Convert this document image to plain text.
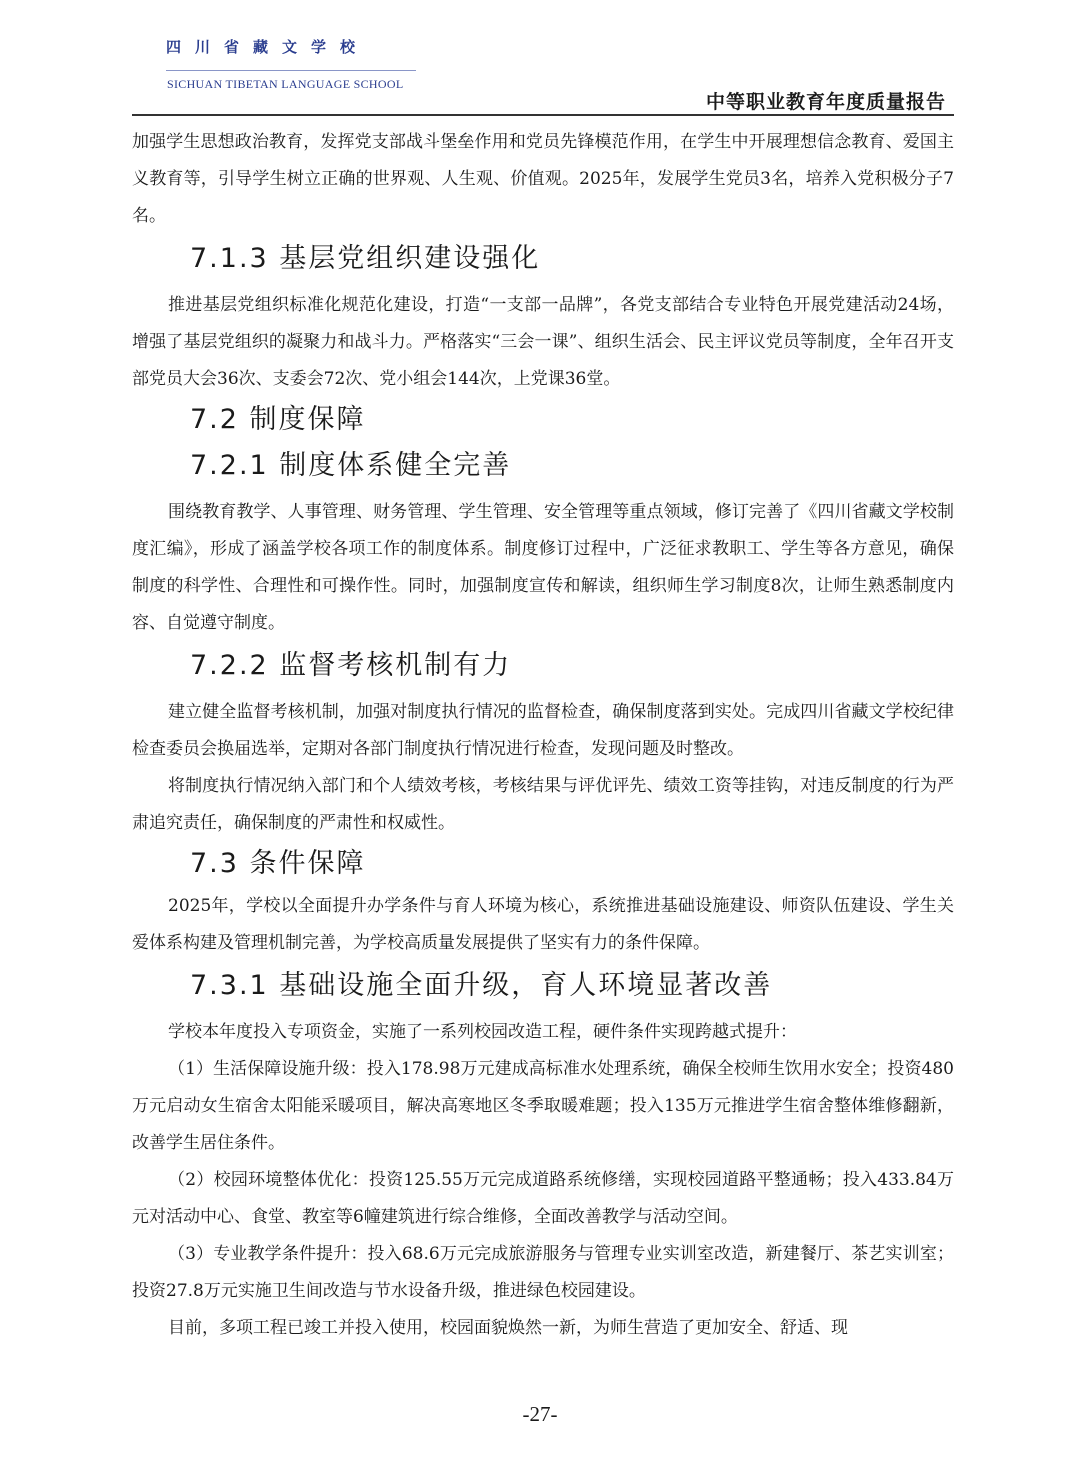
四川省藏文学校
SICHUAN TIBETAN LANGUAGE SCHOOL
中等职业教育年度质量报告

加强学生思想政治教育，发挥党支部战斗堡垒作用和党员先锋模范作用，在学生中开展理想信念教育、爱国主义教育等，引导学生树立正确的世界观、人生观、价值观。2025年，发展学生党员3名，培养入党积极分子7名。

7.1.3 基层党组织建设强化

推进基层党组织标准化规范化建设，打造“一支部一品牌”，各党支部结合专业特色开展党建活动24场，增强了基层党组织的凝聚力和战斗力。严格落实“三会一课”、组织生活会、民主评议党员等制度，全年召开支部党员大会36次、支委会72次、党小组会144次，上党课36堂。

7.2 制度保障
7.2.1 制度体系健全完善

围绕教育教学、人事管理、财务管理、学生管理、安全管理等重点领域，修订完善了《四川省藏文学校制度汇编》，形成了涵盖学校各项工作的制度体系。制度修订过程中，广泛征求教职工、学生等各方意见，确保制度的科学性、合理性和可操作性。同时，加强制度宣传和解读，组织师生学习制度8次，让师生熟悉制度内容、自觉遵守制度。

7.2.2 监督考核机制有力

建立健全监督考核机制，加强对制度执行情况的监督检查，确保制度落到实处。完成四川省藏文学校纪律检查委员会换届选举，定期对各部门制度执行情况进行检查，发现问题及时整改。

将制度执行情况纳入部门和个人绩效考核，考核结果与评优评先、绩效工资等挂钩，对违反制度的行为严肃追究责任，确保制度的严肃性和权威性。

7.3 条件保障

2025年，学校以全面提升办学条件与育人环境为核心，系统推进基础设施建设、师资队伍建设、学生关爱体系构建及管理机制完善，为学校高质量发展提供了坚实有力的条件保障。

7.3.1 基础设施全面升级，育人环境显著改善

学校本年度投入专项资金，实施了一系列校园改造工程，硬件条件实现跨越式提升：

（1）生活保障设施升级：投入178.98万元建成高标准水处理系统，确保全校师生饮用水安全；投资480万元启动女生宿舍太阳能采暖项目，解决高寒地区冬季取暖难题；投入135万元推进学生宿舍整体维修翻新，改善学生居住条件。

（2）校园环境整体优化：投资125.55万元完成道路系统修缮，实现校园道路平整通畅；投入433.84万元对活动中心、食堂、教室等6幢建筑进行综合维修，全面改善教学与活动空间。

（3）专业教学条件提升：投入68.6万元完成旅游服务与管理专业实训室改造，新建餐厅、茶艺实训室；投资27.8万元实施卫生间改造与节水设备升级，推进绿色校园建设。

目前，多项工程已竣工并投入使用，校园面貌焕然一新，为师生营造了更加安全、舒适、现

-27-
